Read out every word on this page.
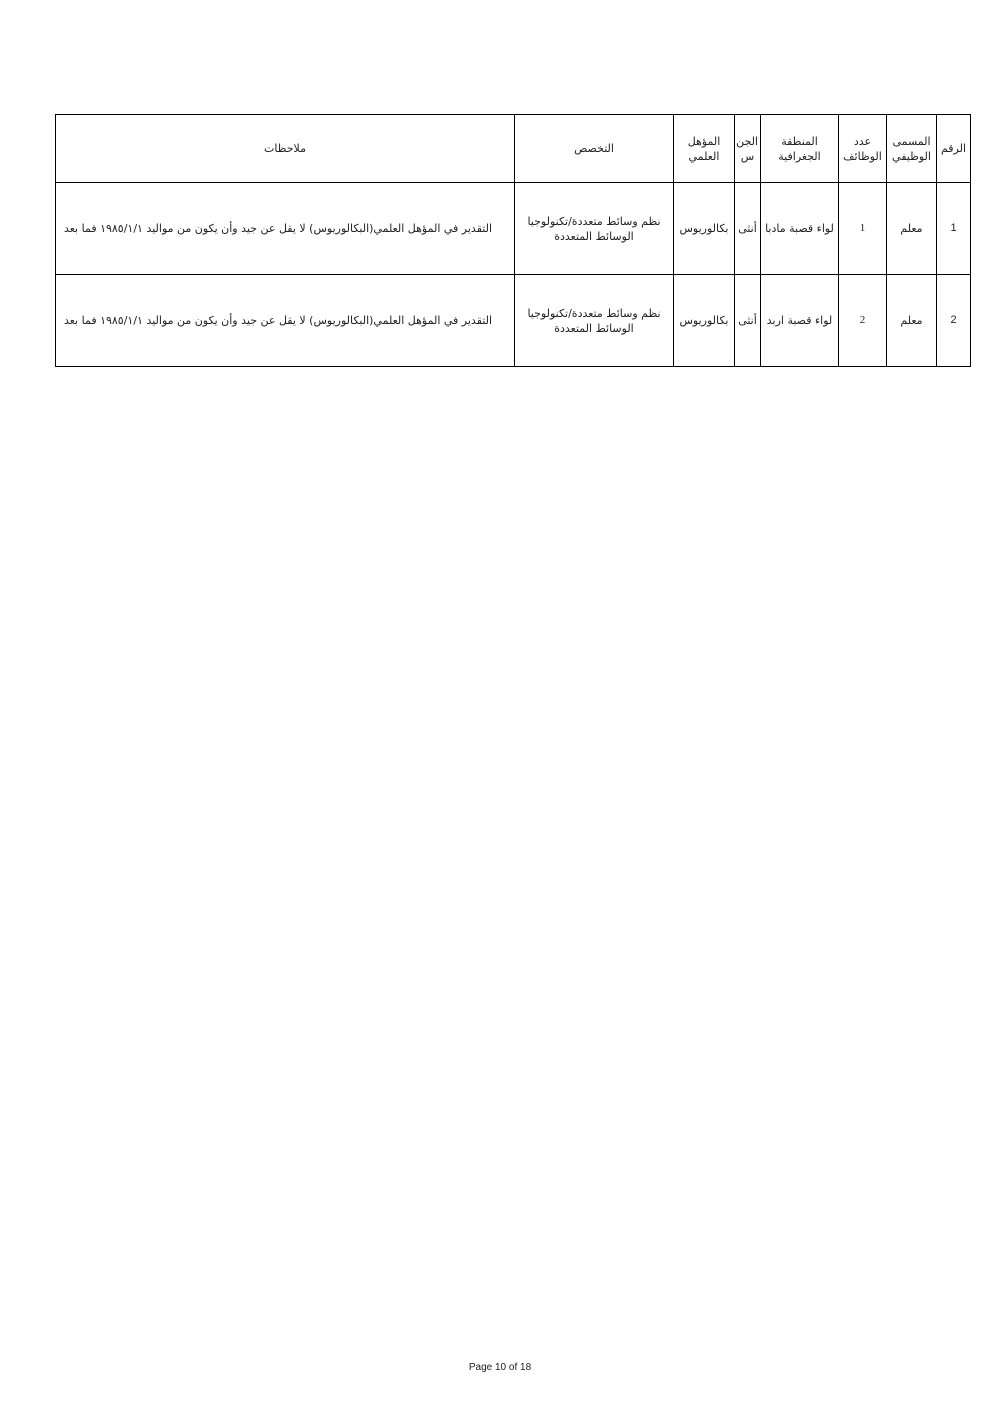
الرقم	المسمى الوظيفي	عدد الوظائف	المنطقة الجغرافية	الجن س	المؤهل العلمي	التخصص	ملاحظات
1	معلم	1	لواء قصبة مادبا	أنثى	بكالوريوس	نظم وسائط متعددة/تكنولوجيا الوسائط المتعددة	التقدير في المؤهل العلمي(البكالوريوس) لا يقل عن جيد وأن يكون من مواليد ١٩٨٥/١/١ فما بعد
2	معلم	2	لواء قصبة اربد	أنثى	بكالوريوس	نظم وسائط متعددة/تكنولوجيا الوسائط المتعددة	التقدير في المؤهل العلمي(البكالوريوس) لا يقل عن جيد وأن يكون من مواليد ١٩٨٥/١/١ فما بعد
Page 10 of 18
